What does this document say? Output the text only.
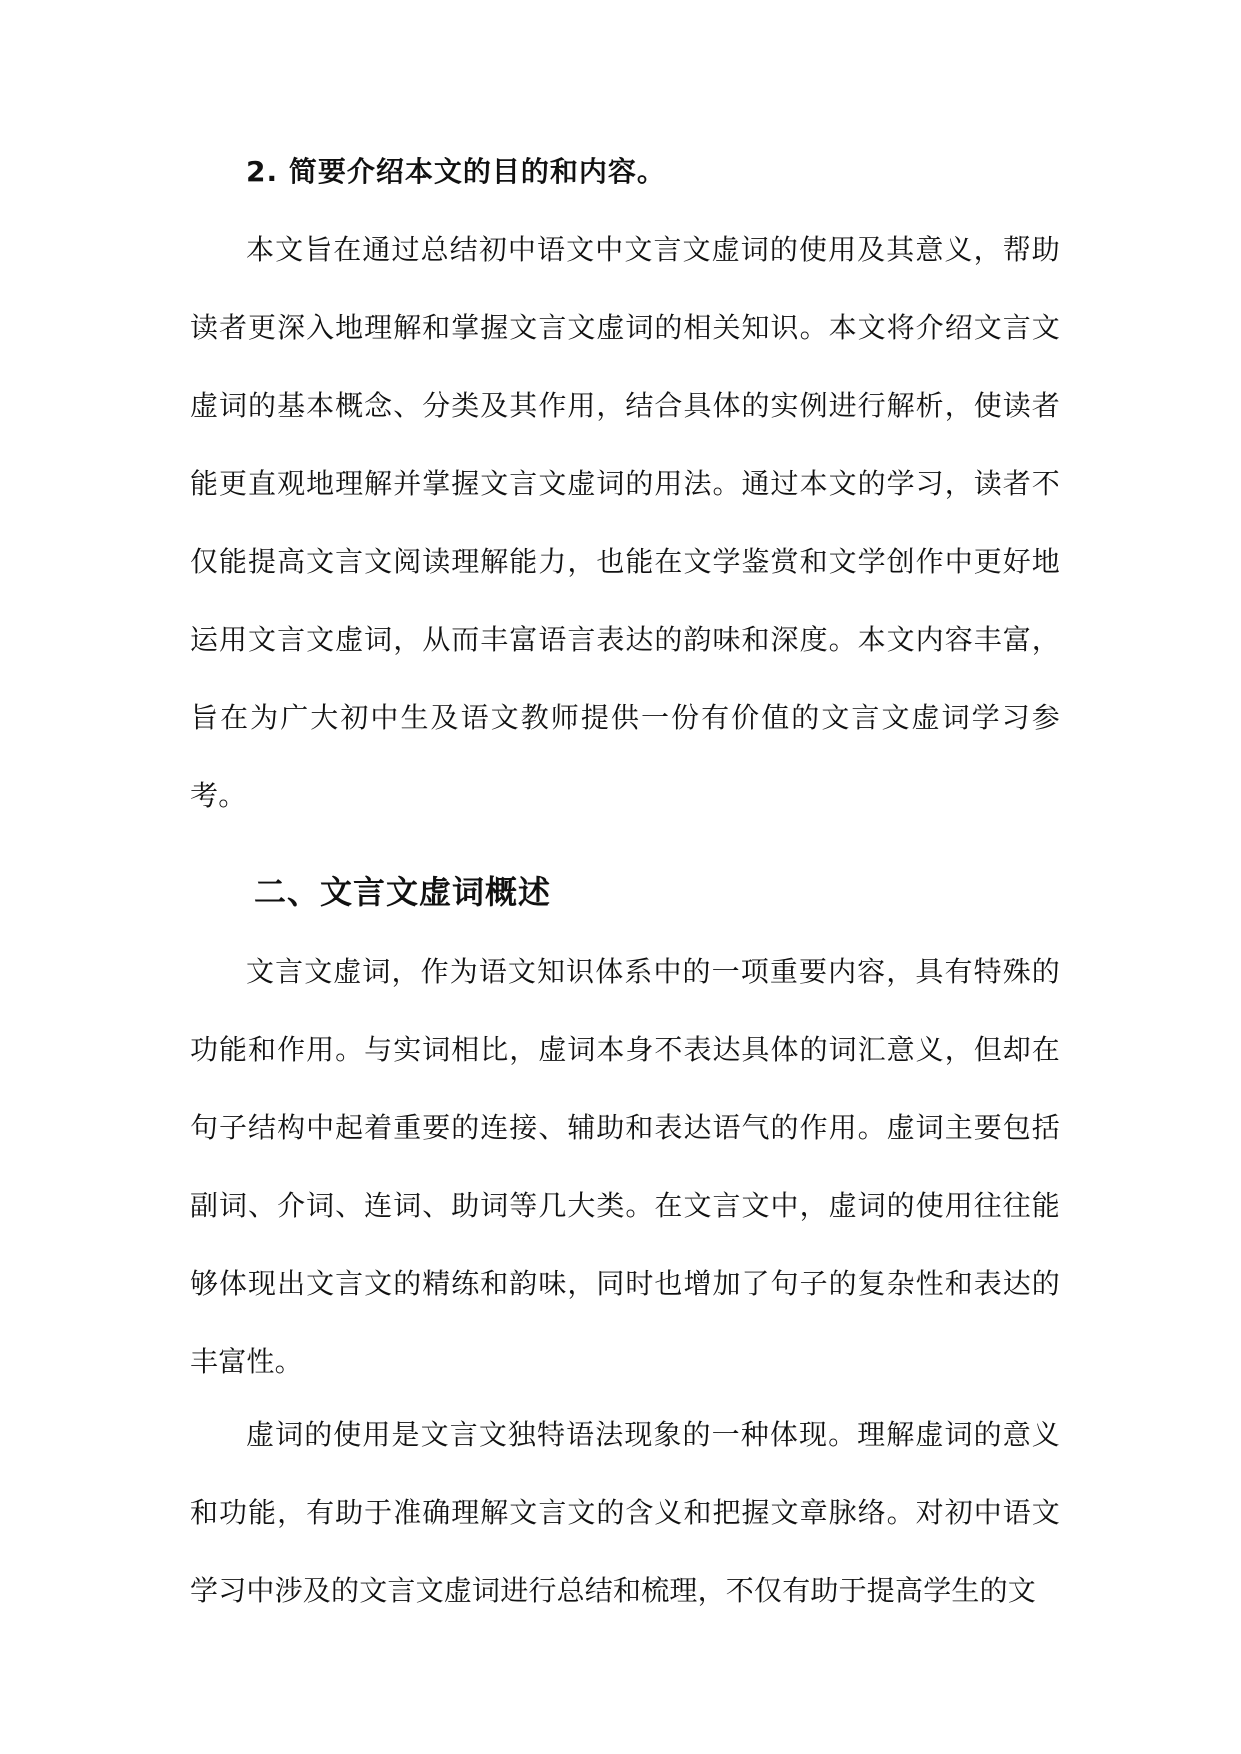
2. 简要介绍本文的目的和内容。

本文旨在通过总结初中语文中文言文虚词的使用及其意义，帮助读者更深入地理解和掌握文言文虚词的相关知识。本文将介绍文言文虚词的基本概念、分类及其作用，结合具体的实例进行解析，使读者能更直观地理解并掌握文言文虚词的用法。通过本文的学习，读者不仅能提高文言文阅读理解能力，也能在文学鉴赏和文学创作中更好地运用文言文虚词，从而丰富语言表达的韵味和深度。本文内容丰富，旨在为广大初中生及语文教师提供一份有价值的文言文虚词学习参考。

二、文言文虚词概述

文言文虚词，作为语文知识体系中的一项重要内容，具有特殊的功能和作用。与实词相比，虚词本身不表达具体的词汇意义，但却在句子结构中起着重要的连接、辅助和表达语气的作用。虚词主要包括副词、介词、连词、助词等几大类。在文言文中，虚词的使用往往能够体现出文言文的精练和韵味，同时也增加了句子的复杂性和表达的丰富性。

虚词的使用是文言文独特语法现象的一种体现。理解虚词的意义和功能，有助于准确理解文言文的含义和把握文章脉络。对初中语文学习中涉及的文言文虚词进行总结和梳理，不仅有助于提高学生的文
